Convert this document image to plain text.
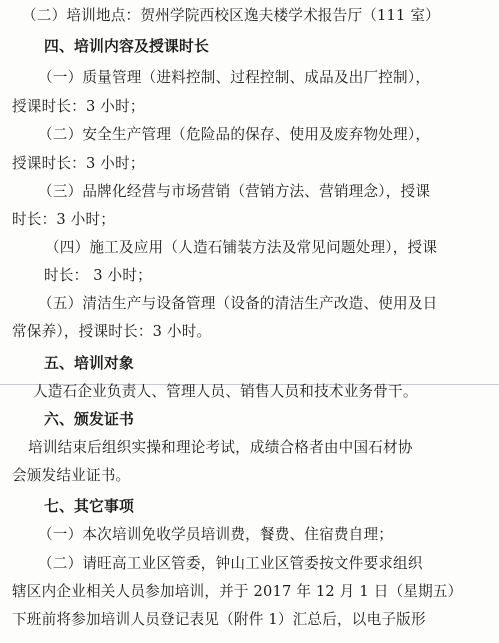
（二）培训地点：贺州学院西校区逸夫楼学术报告厅（111 室）
四、培训内容及授课时长
（一）质量管理（进料控制、过程控制、成品及出厂控制），
授课时长：3 小时；
（二）安全生产管理（危险品的保存、使用及废弃物处理），
授课时长：3 小时；
（三）品牌化经营与市场营销（营销方法、营销理念），授课
时长：3 小时；
（四）施工及应用（人造石铺装方法及常见问题处理），授课
时长： 3 小时；
（五）清洁生产与设备管理（设备的清洁生产改造、使用及日
常保养），授课时长：3 小时。
五、培训对象
人造石企业负责人、管理人员、销售人员和技术业务骨干。
六、颁发证书
培训结束后组织实操和理论考试，成绩合格者由中国石材协
会颁发结业证书。
七、其它事项
（一）本次培训免收学员培训费，餐费、住宿费自理；
（二）请旺高工业区管委，钟山工业区管委按文件要求组织
辖区内企业相关人员参加培训，并于 2017 年 12 月 1 日（星期五）
下班前将参加培训人员登记表见（附件 1）汇总后，以电子版形
